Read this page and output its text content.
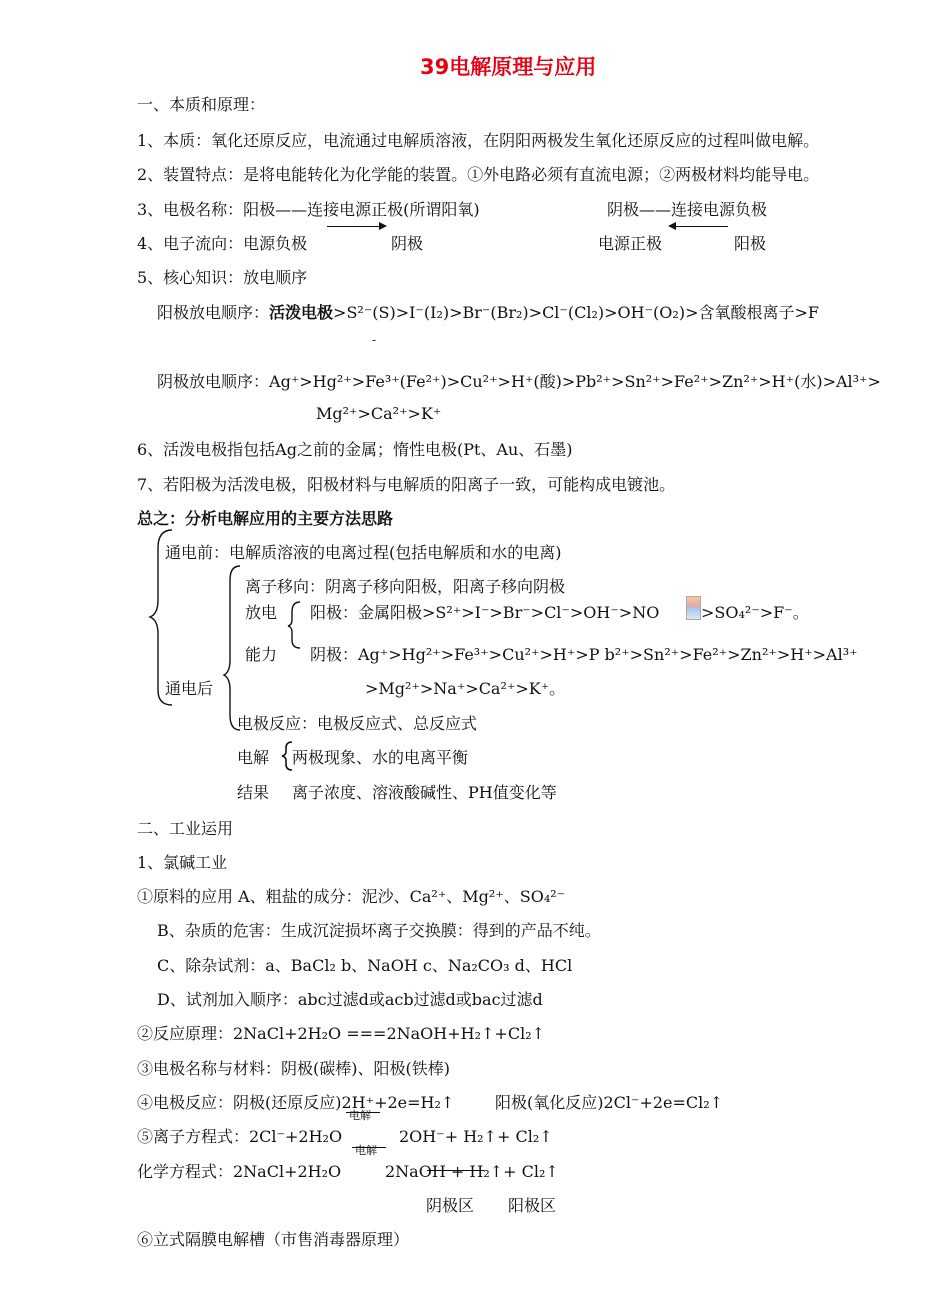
39电解原理与应用
一、本质和原理：
1、本质：氧化还原反应，电流通过电解质溶液，在阴阳两极发生氧化还原反应的过程叫做电解。
2、装置特点：是将电能转化为化学能的装置。①外电路必须有直流电源；②两极材料均能导电。
3、电极名称：阳极——连接电源正极(所谓阳氧)	阴极——连接电源负极
4、电子流向：电源负极	阴极	电源正极	阳极
5、核心知识：放电顺序
阳极放电顺序：活泼电极>S²⁻(S)>I⁻(I₂)>Br⁻(Br₂)>Cl⁻(Cl₂)>OH⁻(O₂)>含氧酸根离子>F
-
阴极放电顺序：Ag⁺>Hg²⁺>Fe³⁺(Fe²⁺)>Cu²⁺>H⁺(酸)>Pb²⁺>Sn²⁺>Fe²⁺>Zn²⁺>H⁺(水)>Al³⁺>
Mg²⁺>Ca²⁺>K⁺
6、活泼电极指包括Ag之前的金属；惰性电极(Pt、Au、石墨)
7、若阳极为活泼电极，阳极材料与电解质的阳离子一致，可能构成电镀池。
总之：分析电解应用的主要方法思路
通电前：电解质溶液的电离过程(包括电解质和水的电离)
离子移向：阴离子移向阳极，阳离子移向阴极
放电 阳极：金属阳极>S²⁺>I⁻>Br⁻>Cl⁻>OH⁻>NO	>SO₄²⁻>F⁻。
能力 阴极：Ag⁺>Hg²⁺>Fe³⁺>Cu²⁺>H⁺>P b²⁺>Sn²⁺>Fe²⁺>Zn²⁺>H⁺>Al³⁺
通电后	>Mg²⁺>Na⁺>Ca²⁺>K⁺。
电极反应：电极反应式、总反应式
电解 两极现象、水的电离平衡
结果 离子浓度、溶液酸碱性、PH值变化等
二、工业运用
1、氯碱工业
①原料的应用 A、粗盐的成分：泥沙、Ca²⁺、Mg²⁺、SO₄²⁻
B、杂质的危害：生成沉淀损坏离子交换膜：得到的产品不纯。
C、除杂试剂：a、BaCl₂ b、NaOH c、Na₂CO₃ d、HCl
D、试剂加入顺序：abc过滤d或acb过滤d或bac过滤d
②反应原理：2NaCl+2H₂O ===2NaOH+H₂↑+Cl₂↑
③电极名称与材料：阴极(碳棒)、阳极(铁棒)
④电极反应：阴极(还原反应)2H⁺+2e=H₂↑	阳极(氧化反应)2Cl⁻+2e=Cl₂↑
电解
⑤离子方程式：2Cl⁻+2H₂O	2OH⁻+ H₂↑+ Cl₂↑
电解
化学方程式：2NaCl+2H₂O	2NaOH + H₂↑+ Cl₂↑
阴极区 阳极区
⑥立式隔膜电解槽（市售消毒器原理）
